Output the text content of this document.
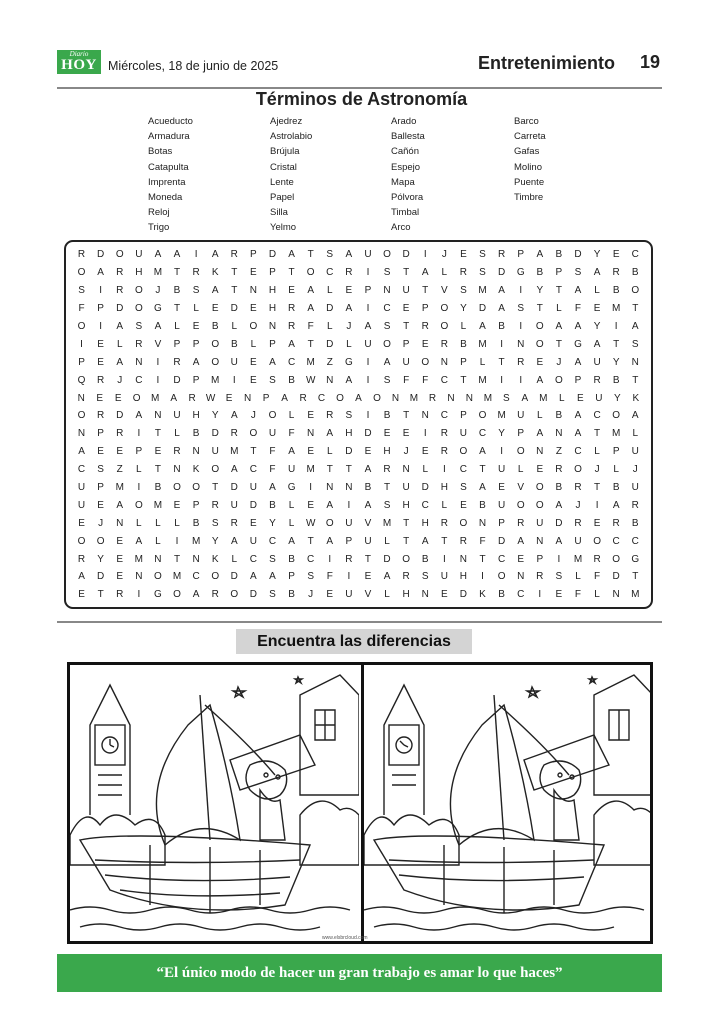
Diario
HOY Miércoles, 18 de junio de 2025	Entretenimiento 19
Términos de Astronomía
Acueducto
Armadura
Botas
Catapulta
Imprenta
Moneda
Reloj
Trigo
Ajedrez
Astrolabio
Brújula
Cristal
Lente
Papel
Silla
Yelmo
Arado
Ballesta
Cañón
Espejo
Mapa
Pólvora
Timbal
Arco
Barco
Carreta
Gafas
Molino
Puente
Timbre
R	D	O	U	A	A	I	A	R	P	D	A	T	S	A	U	O	D	I	J	E	S	R	P	A	B	D	Y	E	C
O	A	R	H	M	T	R	K	T	E	P	T	O	C	R	I	S	T	A	L	R	S	D	G	B	P	S	A	R	B
S	I	R	O	J	B	S	A	T	N	H	E	A	L	E	P	N	U	T	V	S	M	A	I	Y	T	A	L	B	O
F	P	D	O	G	T	L	E	D	E	H	R	A	D	A	I	C	E	P	O	Y	D	A	S	T	L	F	E	M	T
O	I	A	S	A	L	E	B	L	O	N	R	F	L	J	A	S	T	R	O	L	A	B	I	O	A	A	Y	I	A
I	E	L	R	V	P	P	O	B	L	P	A	T	D	L	U	O	P	E	R	B	M	I	N	O	T	G	A	T	S
P	E	A	N	I	R	A	O	U	E	A	C	M	Z	G	I	A	U	O	N	P	L	T	R	E	J	A	U	Y	N
Q	R	J	C	I	D	P	M	I	E	S	B	W	N	A	I	S	F	F	C	T	M	I	I	A	O	P	R	B	T
N	E	E	O	M	A	R	W	E	N	P	A	R	C	O	A	O	N	M	R	N	N	M	S	A	M	L	E	U	Y	K
O	R	D	A	N	U	H	Y	A	J	O	L	E	R	S	I	B	T	N	C	P	O	M	U	L	B	A	C	O	A
N	P	R	I	T	L	B	D	R	O	U	F	N	A	H	D	E	E	I	R	U	C	Y	P	A	N	A	T	M	L
A	E	E	P	E	R	N	U	M	T	F	A	E	L	D	E	H	J	E	R	O	A	I	O	N	Z	C	L	P	U
C	S	Z	L	T	N	K	O	A	C	F	U	M	T	T	A	R	N	L	I	C	T	U	L	E	R	O	J	L	J
U	P	M	I	B	O	O	T	D	U	A	G	I	N	N	B	T	U	D	H	S	A	E	V	O	B	R	T	B	U
U	E	A	O	M	E	P	R	U	D	B	L	E	A	I	A	S	H	C	L	E	B	U	O	O	A	J	I	A	R
E	J	N	L	L	L	B	S	R	E	Y	L	W	O	U	V	M	T	H	R	O	N	P	R	U	D	R	E	R	B
O	O	E	A	L	I	M	Y	A	U	C	A	T	A	P	U	L	T	A	T	R	F	D	A	N	A	U	O	C	C
R	Y	E	M	N	T	N	K	L	C	S	B	C	I	R	T	D	O	B	I	N	T	C	E	P	I	M	R	O	G
A	D	E	N	O	M	C	O	D	A	A	P	S	F	I	E	A	R	S	U	H	I	O	N	R	S	L	F	D	T
E	T	R	I	G	O	A	R	O	D	S	B	J	E	U	V	L	H	N	E	D	K	B	C	I	E	F	L	N	M
Encuentra las diferencias
www.elsbrcloud.com
“El único modo de hacer un gran trabajo es amar lo que haces”
